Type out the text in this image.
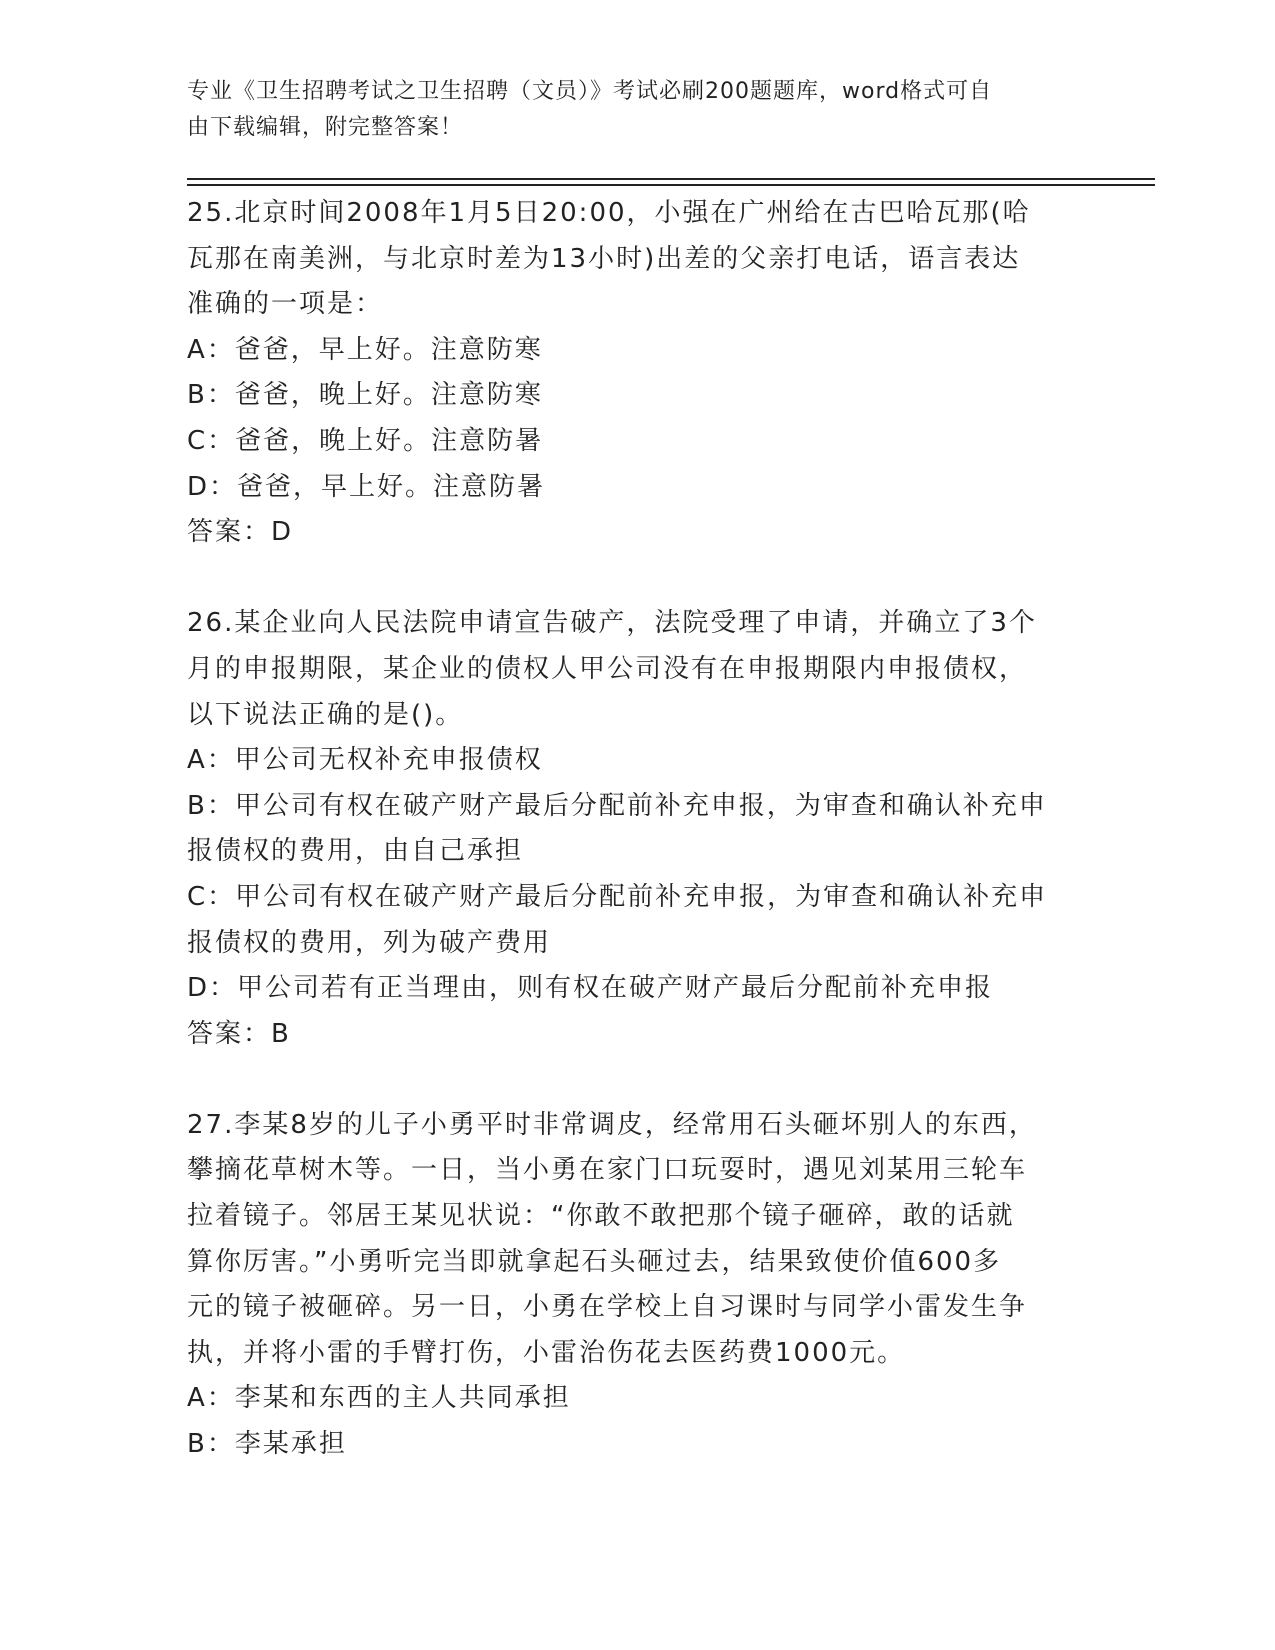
专业《卫生招聘考试之卫生招聘（文员）》考试必刷200题题库，word格式可自
由下载编辑，附完整答案！
25.北京时间2008年1月5日20:00，小强在广州给在古巴哈瓦那(哈
瓦那在南美洲，与北京时差为13小时)出差的父亲打电话，语言表达
准确的一项是：
A：爸爸，早上好。注意防寒
B：爸爸，晚上好。注意防寒
C：爸爸，晚上好。注意防暑
D：爸爸，早上好。注意防暑
答案：D
26.某企业向人民法院申请宣告破产，法院受理了申请，并确立了3个
月的申报期限，某企业的债权人甲公司没有在申报期限内申报债权，
以下说法正确的是()。
A：甲公司无权补充申报债权
B：甲公司有权在破产财产最后分配前补充申报，为审查和确认补充申
报债权的费用，由自己承担
C：甲公司有权在破产财产最后分配前补充申报，为审查和确认补充申
报债权的费用，列为破产费用
D：甲公司若有正当理由，则有权在破产财产最后分配前补充申报
答案：B
27.李某8岁的儿子小勇平时非常调皮，经常用石头砸坏别人的东西，
攀摘花草树木等。一日，当小勇在家门口玩耍时，遇见刘某用三轮车
拉着镜子。邻居王某见状说：“你敢不敢把那个镜子砸碎，敢的话就
算你厉害。”小勇听完当即就拿起石头砸过去，结果致使价值600多
元的镜子被砸碎。另一日，小勇在学校上自习课时与同学小雷发生争
执，并将小雷的手臂打伤，小雷治伤花去医药费1000元。
A：李某和东西的主人共同承担
B：李某承担
